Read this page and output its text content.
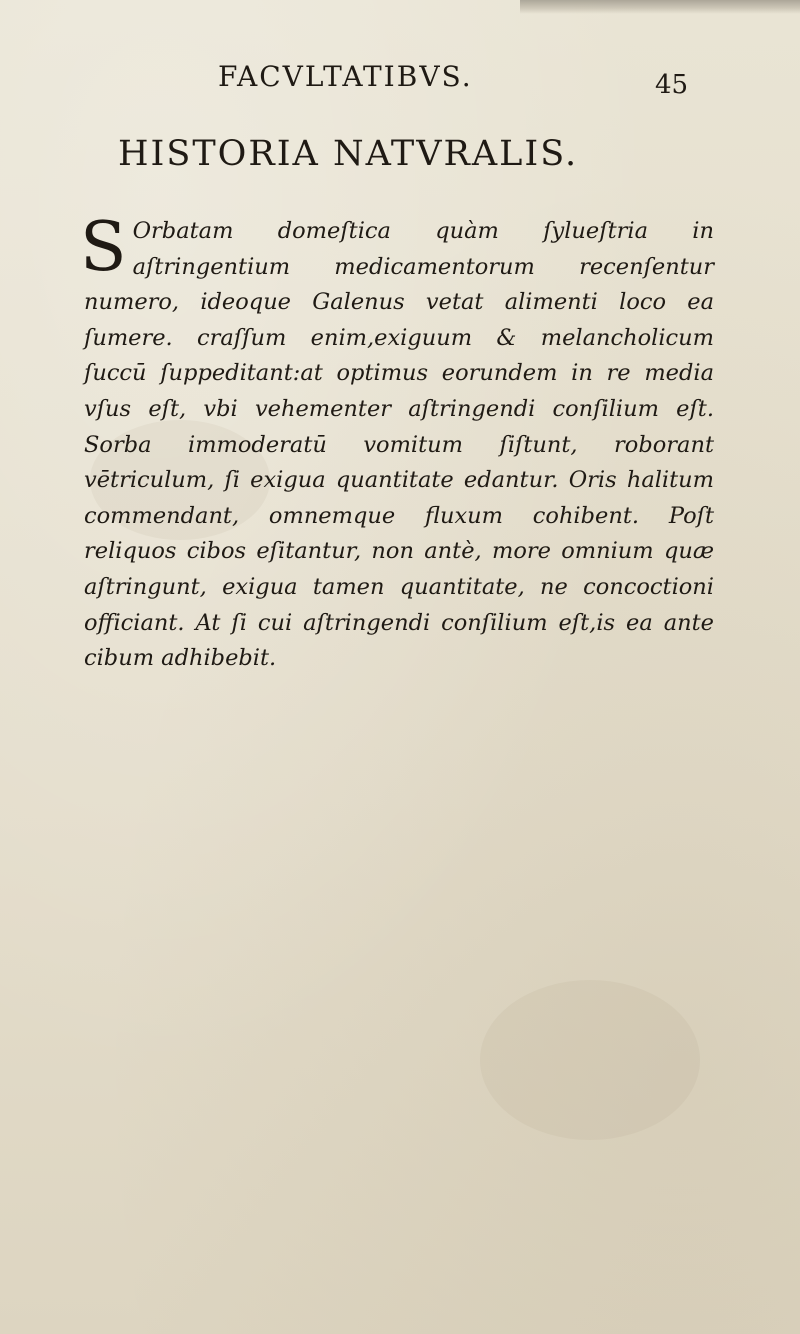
FACVLTATIBVS.	45
HISTORIA NATVRALIS.
S Orbatam domeſtica quàm ſylueſtria in aſtringentium medicamentorum recenſentur numero, ideoque Galenus vetat alimenti loco ea ſumere. craſſum enim,exiguum & melancholicum ſuccū ſuppeditant:at optimus eorundem in re media vſus eſt, vbi vehementer aſtringendi conſilium eſt. Sorba immoderatū vomitum ſiſtunt, roborant vētriculum, ſi exigua quantitate edantur. Oris halitum commendant, omnemque fluxum cohibent. Poſt reliquos cibos eſitantur, non antè, more omnium quæ aſtringunt, exigua tamen quantitate, ne concoctioni officiant. At ſi cui aſtringendi conſilium eſt,is ea ante cibum adhibebit.
